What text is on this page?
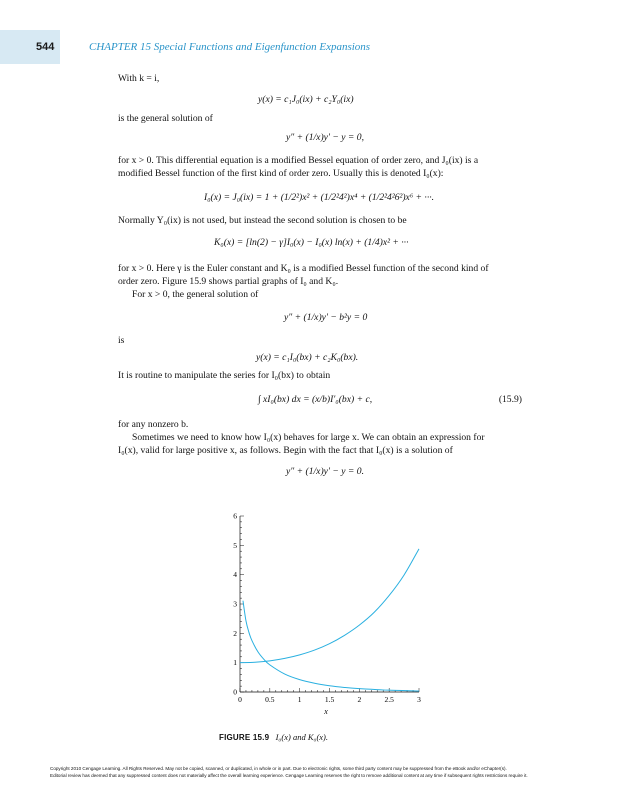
544	CHAPTER 15 Special Functions and Eigenfunction Expansions
With k = i,
y(x) = c₁J₀(ix) + c₂Y₀(ix)
is the general solution of
y″ + (1/x)y′ − y = 0,
for x > 0. This differential equation is a modified Bessel equation of order zero, and J₀(ix) is a
modified Bessel function of the first kind of order zero. Usually this is denoted I₀(x):
I₀(x) = J₀(ix) = 1 + (1/2²)x² + (1/2²4²)x⁴ + (1/2²4²6²)x⁶ + ···.
Normally Y₀(ix) is not used, but instead the second solution is chosen to be
K₀(x) = [ln(2) − γ]I₀(x) − I₀(x) ln(x) + (1/4)x² + ···
for x > 0. Here γ is the Euler constant and K₀ is a modified Bessel function of the second kind of
order zero. Figure 15.9 shows partial graphs of I₀ and K₀.
For x > 0, the general solution of
y″ + (1/x)y′ − b²y = 0
is
y(x) = c₁I₀(bx) + c₂K₀(bx).
It is routine to manipulate the series for I₀(bx) to obtain
∫ xI₀(bx) dx = (x/b)I′₀(bx) + c,	(15.9)
for any nonzero b.
Sometimes we need to know how I₀(x) behaves for large x. We can obtain an expression for
I₀(x), valid for large positive x, as follows. Begin with the fact that I₀(x) is a solution of
y″ + (1/x)y′ − y = 0.
0	0.5	1	1.5	2	2.5	3
0
1
2
3
4
5
6
x
FIGURE 15.9 I₀(x) and K₀(x).
Copyright 2010 Cengage Learning. All Rights Reserved. May not be copied, scanned, or duplicated, in whole or in part. Due to electronic rights, some third party content may be suppressed from the eBook and/or eChapter(s).
Editorial review has deemed that any suppressed content does not materially affect the overall learning experience. Cengage Learning reserves the right to remove additional content at any time if subsequent rights restrictions require it.
